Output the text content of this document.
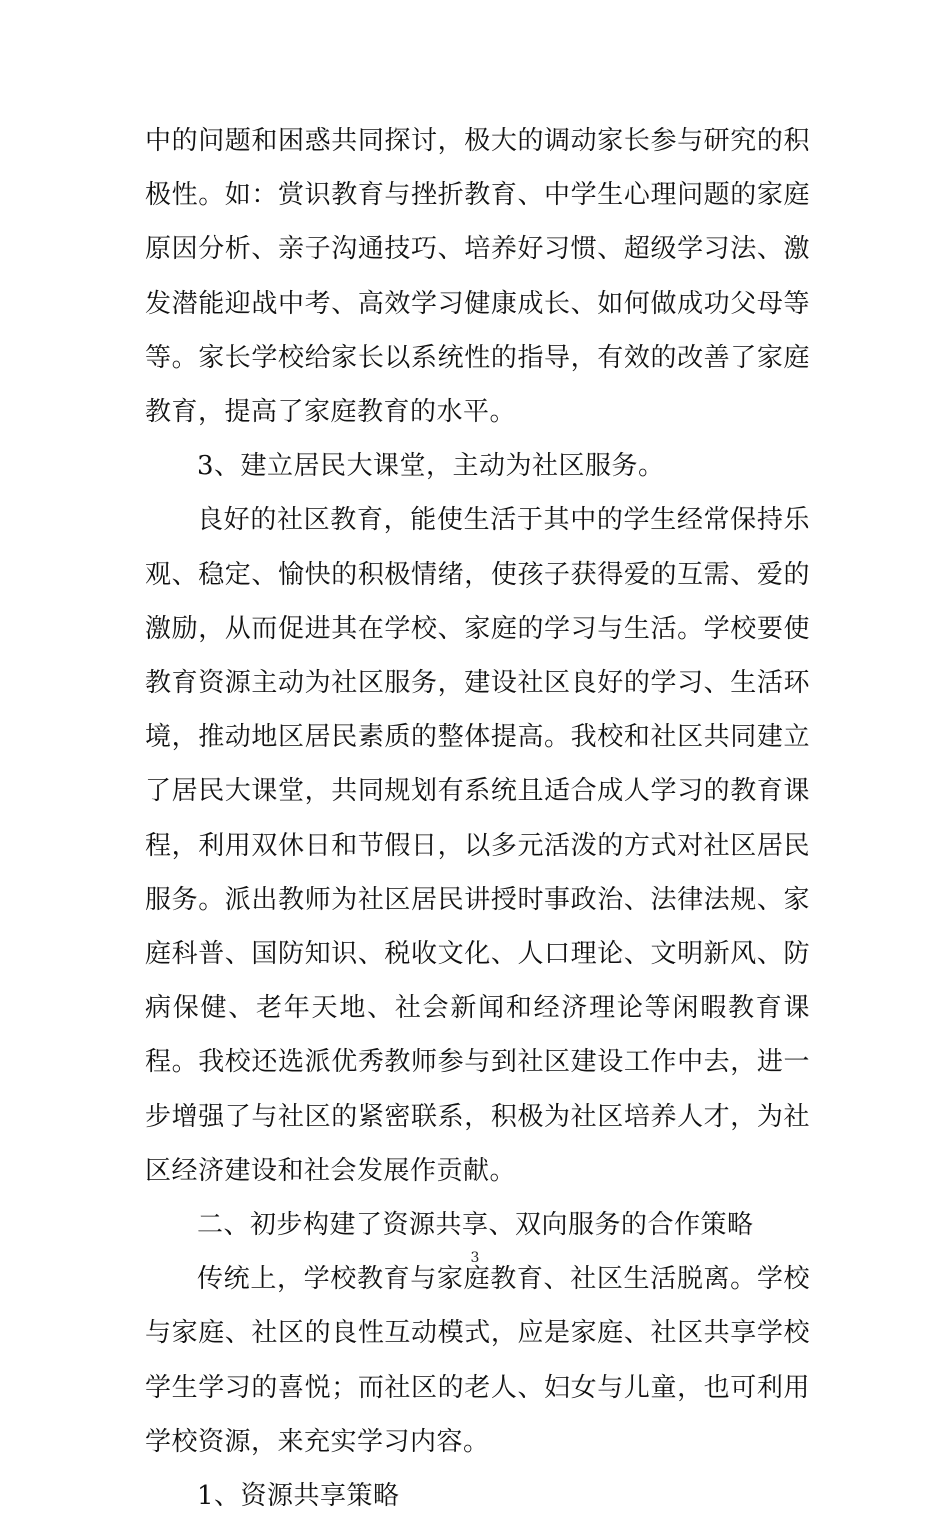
中的问题和困惑共同探讨，极大的调动家长参与研究的积极性。如：赏识教育与挫折教育、中学生心理问题的家庭原因分析、亲子沟通技巧、培养好习惯、超级学习法、激发潜能迎战中考、高效学习健康成长、如何做成功父母等等。家长学校给家长以系统性的指导，有效的改善了家庭教育，提高了家庭教育的水平。

3、建立居民大课堂，主动为社区服务。

良好的社区教育，能使生活于其中的学生经常保持乐观、稳定、愉快的积极情绪，使孩子获得爱的互需、爱的激励，从而促进其在学校、家庭的学习与生活。学校要使教育资源主动为社区服务，建设社区良好的学习、生活环境，推动地区居民素质的整体提高。我校和社区共同建立了居民大课堂，共同规划有系统且适合成人学习的教育课程，利用双休日和节假日，以多元活泼的方式对社区居民服务。派出教师为社区居民讲授时事政治、法律法规、家庭科普、国防知识、税收文化、人口理论、文明新风、防病保健、老年天地、社会新闻和经济理论等闲暇教育课程。我校还选派优秀教师参与到社区建设工作中去，进一步增强了与社区的紧密联系，积极为社区培养人才，为社区经济建设和社会发展作贡献。

二、初步构建了资源共享、双向服务的合作策略

传统上，学校教育与家庭教育、社区生活脱离。学校与家庭、社区的良性互动模式，应是家庭、社区共享学校学生学习的喜悦；而社区的老人、妇女与儿童，也可利用学校资源，来充实学习内容。

1、资源共享策略

3
